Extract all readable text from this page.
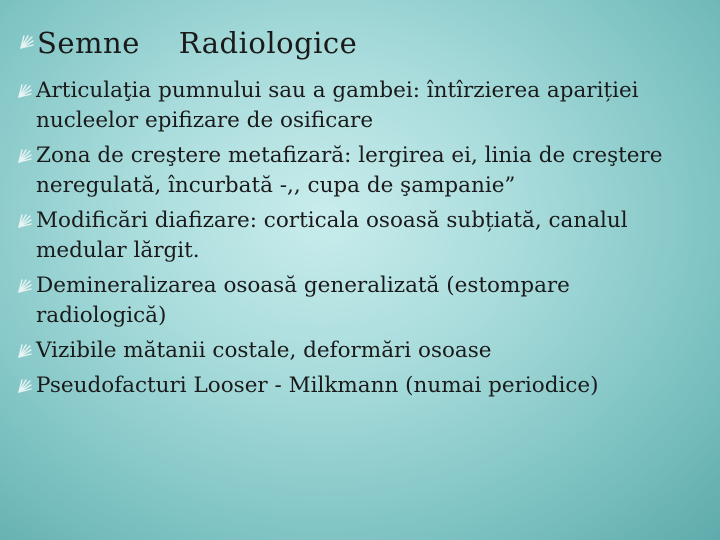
Semne    Radiologice
Articulaţia pumnului sau a gambei: întîrzierea apariției nucleelor epifizare de osificare
Zona de creştere metafizară: lergirea ei, linia de creştere neregulată, încurbată -,, cupa de şampanie”
Modificări diafizare: corticala osoasă subțiată, canalul medular lărgit.
Demineralizarea osoasă generalizată (estompare radiologică)
Vizibile mătanii costale, deformări osoase
Pseudofacturi Looser - Milkmann (numai periodice)
